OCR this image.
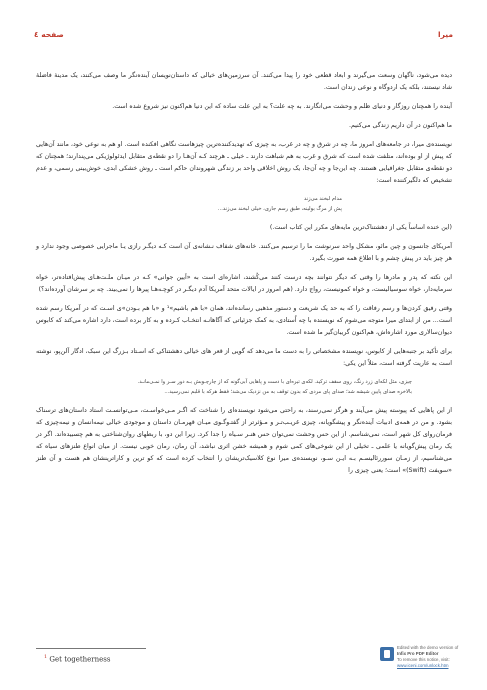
میرا
صفحه ٤

دیده می‌شود، ناگهان وسعت می‌گیرند و ابعاد قطعی خود را پیدا می‌کنند. آن سرزمین‌های خیالی که داستان‌نویسان آینده‌نگر ما وصف می‌کنند، یک مدینهٔ فاضلهٔ شاد نیستند، بلکه یک اردوگاه و نوعی زندان است.

آینده را همچنان روزگار و دنیای ظلم و وحشت می‌انگارند. به چه علت؟ به این علت ساده که این دنیا هم‌اکنون نیز شروع شده است.

ما هم‌اکنون در آن داریم زندگی می‌کنیم.

نویسنده‌ی میرا، در جامعه‌های امروز ما، چه در شرق و چه در غرب، به چیزی که تهدیدکننده‌ترین چیزهاست نگاهی افکنده است. او هم به نوعی خود، مانند آن‌هایی که پیش از او بوده‌اند، متلفت شده است که شرق و غرب به هم شباهت دارند ـ خیلی ـ هرچند کـه آن‌هـا را دو نقطه‌ی متقابل ایدئولوژیکی می‌پندارند؛ همچنان که دو نقطه‌ی متقابل جغرافیایی هستند. چه این‌جا و چه آن‌جا، یک روش اخلاقی واحد بر زندگی شهروندان حاکم است ـ روش خشکی ابدی، خوش‌بینی رسمی، و عدم تشخیص که دلگیرکننده است:

مدام لبخند می‌زند

پش از مرگ بولینه، طبق رسم جاری، خیلی لبخند می‌زند...

(این خنده اساساً یکی از دهشتناک‌ترین مایه‌های مکرر این کتاب است.)

آمریکای جانسون و چین مائو، مشکل واحد سرنوشت ما را ترسیم می‌کنند. خانه‌های شفاف نـشانه‌ی آن است کـه دیگـر رازی یـا ماجرایی خصوصی وجود ندارد و هر چیز باید در پیش چشم و با اطلاع همه صورت بگیرد.

این نکته که پدر و مادرها را وقتی که دیگر نتوانند بچه درست کنند می‌کُشند، اشاره‌ای است به «اَیین جوانی» کـه در میـان ملـت‌هـای پیش‌افتاده‌تر، خواه سرمایه‌دار، خواه سوسیالیست، و خواه کمونیست، رواج دارد. (هم امروز در ایالات متحد آمریکا آدم دیگـر در کوچـه‌هـا پیرها را نمی‌بیند. چه بر سرشان آورده‌اند؟)

وقتی رفیق کردن‌ها و رسم رفاقت را که به حد یک شریعت و دستور مذهبی رسانده‌اند، همان «با هم باشیم»¹ و «با هم بـودن»ی اسـت که در آمریکا رسم شده است... من از ابتدای میرا متوجه می‌شوم که نویسنده با چه اُستادی، به کمک جزئیاتی که آگاهانـه انتخـاب کـرده و به کار برده است، دارد اشاره می‌کند که کابوس دیوان‌سالاری مورد اشاره‌اش، هم‌اکنون گریبان‌گیر ما شده است.

برای تأکید بر جنبه‌هایی از کابوس، نویسنده مشخصاتی را به دست ما می‌دهد که گویی از قعر های خیالی دهشتناکی که اسـتاد بـزرگ این سبک، ادگار آلن‌پو، نوشته است به عاریت گرفته است، مثلاً این یکی:

چیزی، مثل لکه‌ای زرد رنگ، روی سقف ترکید. لکه‌ی تیره‌ای با دست و پاهایی آبی‌گونه که از چارچـوبش بـه دور سـر وا نمـی‌مانـد.

بالاخره صدای پایین شیشه شد؛ صدای پای مردی که بدون توقف به من نزدیک می‌شد؛ فقط هرکه با قلبم نمی‌رسید...

از این پاهایی که پیوسته پیش می‌آیند و هرگز نمی‌رسند، به راحتی می‌شود نویسنده‌ای را شناخت که اگـر مـی‌خواسـت، مـی‌توانسـت استاد داستان‌های ترسناک بشود. و من در همه‌ی ادبیات آینده‌نگر و پیشگویانه، چیزی غریـب‌تـر و مـؤثرتر از گفتـ‌وگـوی میـان قهرمـان داستان و موجودی خیالی نیمه‌انسان و نیمه‌چیزی که فرمان‌روای کل شهر است، نمی‌شناسم. از این حس وحشت نمی‌توان حس هنـر سـیاه را جدا کرد. زیرا این دو، با ربطهای روان‌شناختی به هم چسبیده‌اند. اگر در یک رمان پیش‌گویانه یا علمی ـ تخیلی از این شوخی‌های کمی شوم و همیشه خشن اثری نباشد، آن رمان، رمان خوبی نیست. از میان انواع طنزهای سیاه که می‌شناسیم، از زمـان سوررئالیسـم بـه ایـن سـو، نویسنده‌ی میرا نوع کلاسیک‌تریشان را انتخاب کرده است که کو ترین و کاراترینشان هم هست و آن طنز «سویفت (Swift)» است؛ یعنی چیزی را

$^1$ Get togetherness
Edited with the demo version of
Infix Pro PDF Editor
To remove this notice, visit:
www.iceni.com/unlock.htm
